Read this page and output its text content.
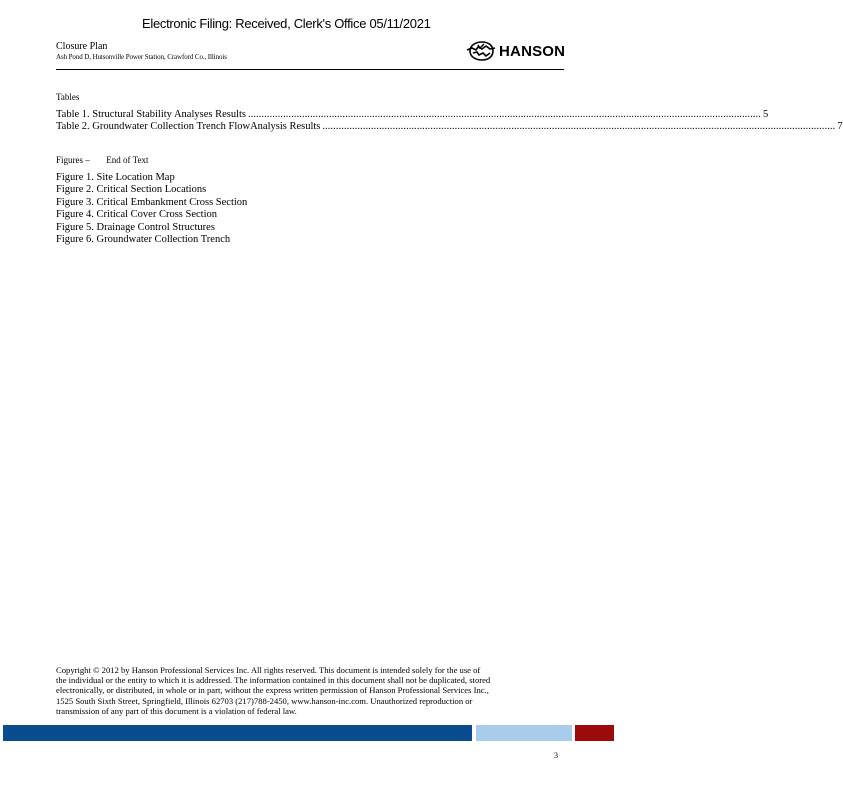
Electronic Filing: Received, Clerk's Office 05/11/2021
Closure Plan
Ash Pond D, Hutsonville Power Station, Crawford Co., Illinois	HANSON
Tables
Table 1. Structural Stability Analyses Results .............................................................................................................................................................................................. 5
Table 2. Groundwater Collection Trench FlowAnalysis Results .............................................................................................................................................................................................. 7
Figures – End of Text
Figure 1. Site Location Map
Figure 2. Critical Section Locations
Figure 3. Critical Embankment Cross Section
Figure 4. Critical Cover Cross Section
Figure 5. Drainage Control Structures
Figure 6. Groundwater Collection Trench
Copyright © 2012 by Hanson Professional Services Inc. All rights reserved. This document is intended solely for the use of
the individual or the entity to which it is addressed. The information contained in this document shall not be duplicated, stored
electronically, or distributed, in whole or in part, without the express written permission of Hanson Professional Services Inc.,
1525 South Sixth Street, Springfield, Illinois 62703 (217)788-2450, www.hanson-inc.com. Unauthorized reproduction or
transmission of any part of this document is a violation of federal law.
3
